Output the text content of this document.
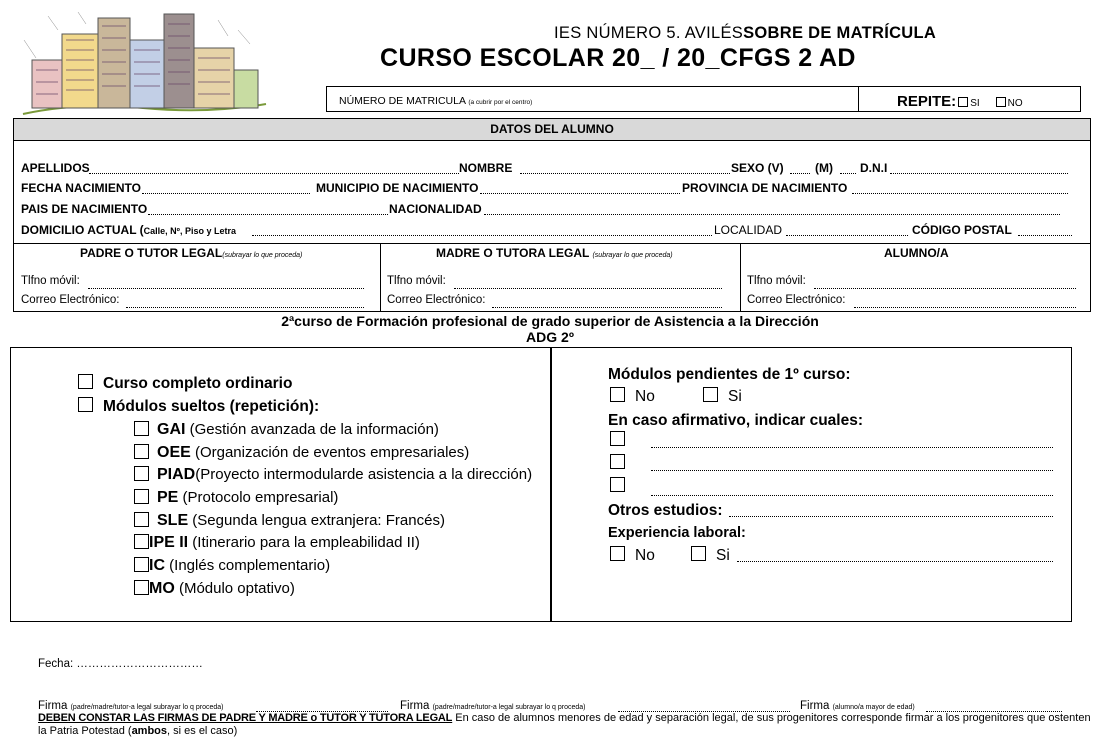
IES NÚMERO 5. AVILÉSSOBRE DE MATRÍCULA
CURSO ESCOLAR 20_ / 20_CFGS 2 AD
NÚMERO DE MATRICULA (a cubrir por el centro)	REPITE: SI	NO
DATOS DEL ALUMNO
APELLIDOS	NOMBRE	SEXO (V)	(M) D.N.I
FECHA NACIMIENTO	MUNICIPIO DE NACIMIENTO	PROVINCIA DE NACIMIENTO
PAIS DE NACIMIENTO	NACIONALIDAD
DOMICILIO ACTUAL (Calle, Nº, Piso y Letra	LOCALIDAD	CÓDIGO POSTAL
PADRE O TUTOR LEGAL(subrayar lo que proceda)
Tlfno móvil:
Correo Electrónico:
MADRE O TUTORA LEGAL (subrayar lo que proceda)
Tlfno móvil:
Correo Electrónico:
ALUMNO/A
Tlfno móvil:
Correo Electrónico:
2ªcurso de Formación profesional de grado superior de Asistencia a la Dirección
ADG 2º
Curso completo ordinario
Módulos sueltos (repetición):
GAI (Gestión avanzada de la información)
OEE (Organización de eventos empresariales)
PIAD(Proyecto intermodularde asistencia a la dirección)
PE (Protocolo empresarial)
SLE (Segunda lengua extranjera: Francés)
IPE II (Itinerario para la empleabilidad II)
IC (Inglés complementario)
MO (Módulo optativo)
Módulos pendientes de 1º curso:
No	Si
En caso afirmativo, indicar cuales:
Otros estudios:
Experiencia laboral:
No	Si
Fecha: ……………………………
Firma (padre/madre/tutor-a legal subrayar lo q proceda)	Firma (padre/madre/tutor-a legal subrayar lo q proceda)	Firma (alumno/a mayor de edad)
DEBEN CONSTAR LAS FIRMAS DE PADRE Y MADRE o TUTOR Y TUTORA LEGAL En caso de alumnos menores de edad y separación legal, de sus progenitores corresponde firmar a los progenitores que ostenten la Patria Potestad (ambos, si es el caso)
